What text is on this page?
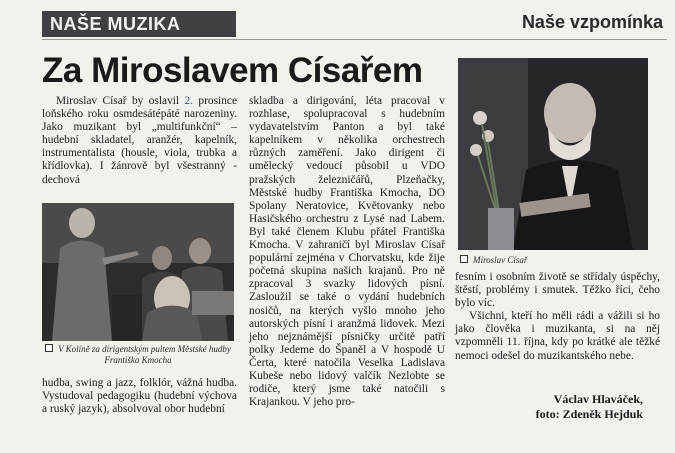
NAŠE MUZIKA	Naše vzpomínka
Za Miroslavem Císařem

Miroslav Císař by oslavil 2. prosince loňského roku osmdesátépáté narozeniny. Jako muzikant byl „multifunkční“ – hudební skladatel, aranžér, kapelník, instrumentalista (housle, viola, trubka a křídlovka). I žánrově byl všestranný - dechová

V Kolíně za dirigentským pultem Městské hudby Františka Kmocha

hudba, swing a jazz, folklór, vážná hudba. Vystudoval pedagogiku (hudební výchova a ruský jazyk), absolvoval obor hudební

skladba a dirigování, léta pracoval v rozhlase, spolupracoval s hudebním vydavatelstvím Panton a byl také kapelníkem v několika orchestrech různých zaměření. Jako dirigent či umělecký vedoucí působil u VDO pražských železničářů, Plzeňačky, Městské hudby Františka Kmocha, DO Spolany Neratovice, Květovanky nebo Hasičského orchestru z Lysé nad Labem. Byl také členem Klubu přátel Františka Kmocha. V zahraničí byl Miroslav Císař populární zejména v Chorvatsku, kde žije početná skupina našich krajanů. Pro ně zpracoval 3 svazky lidových písní. Zasloužil se také o vydání hudebních nosičů, na kterých vyšlo mnoho jeho autorských písní i aranžmá lidovek. Mezi jeho nejznámější písničky určitě patří polky Jedeme do Španěl a V hospodě U Čerta, které natočila Veselka Ladislava Kubeše nebo lidový valčík Nezlobte se rodiče, který jsme také natočili s Krajankou. V jeho pro-

Miroslav Císař

fesním i osobním životě se střídaly úspěchy, štěstí, problémy i smutek. Těžko říci, čeho bylo víc.

Všichni, kteří ho měli rádi a vážili si ho jako člověka i muzikanta, si na něj vzpomněli 11. října, kdy po krátké ale těžké nemoci odešel do muzikantského nebe.

Václav Hlaváček,
foto: Zdeněk Hejduk
